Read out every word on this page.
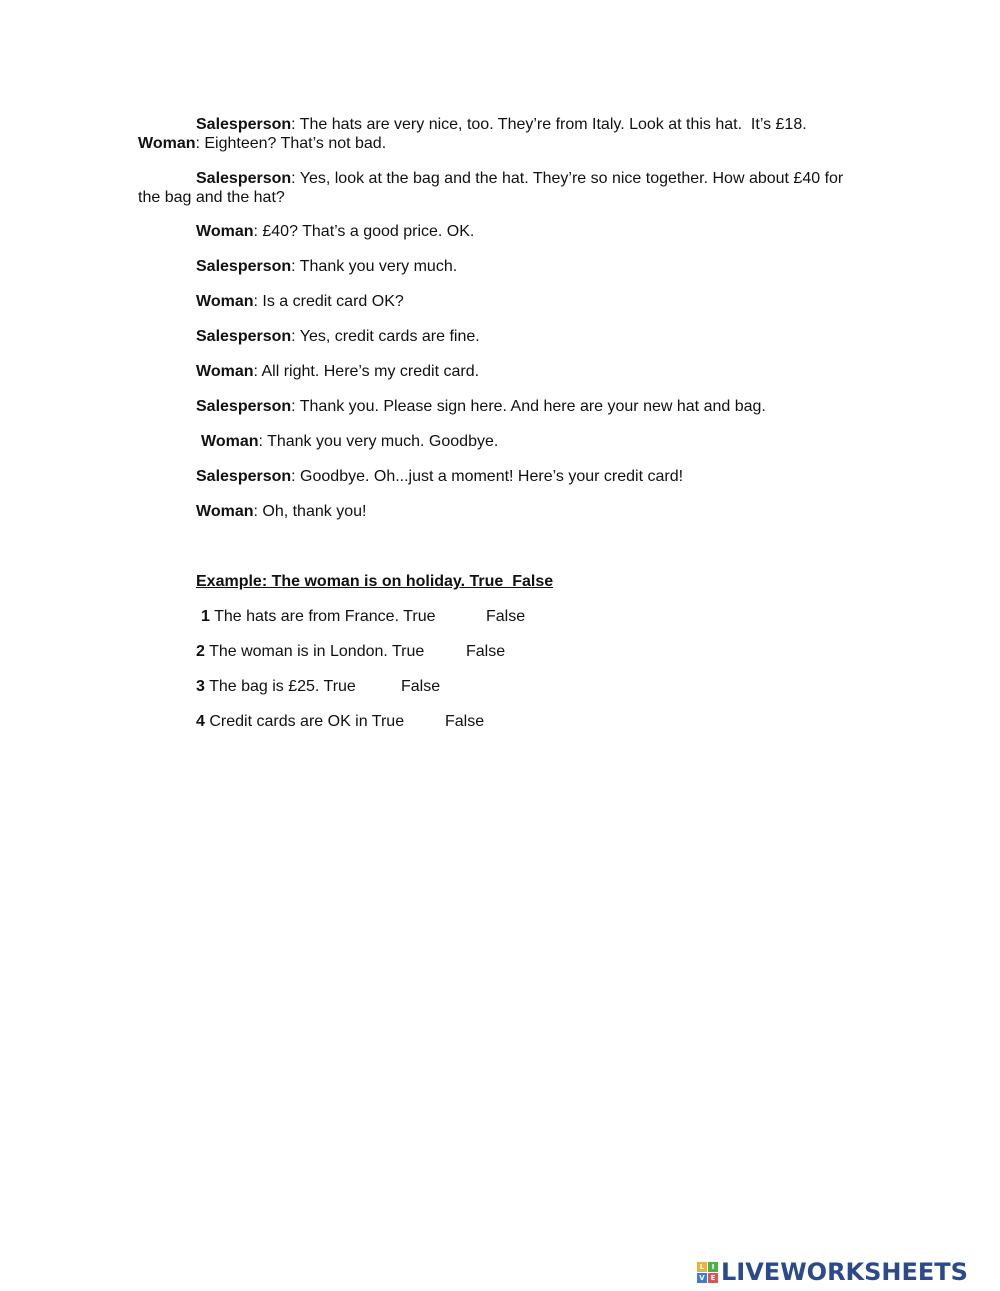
Salesperson: The hats are very nice, too. They’re from Italy. Look at this hat.  It’s £18.
Woman: Eighteen? That’s not bad.
Salesperson: Yes, look at the bag and the hat. They’re so nice together. How about £40 for
the bag and the hat?
Woman: £40? That’s a good price. OK.
Salesperson: Thank you very much.
Woman: Is a credit card OK?
Salesperson: Yes, credit cards are fine.
Woman: All right. Here’s my credit card.
Salesperson: Thank you. Please sign here. And here are your new hat and bag.
Woman: Thank you very much. Goodbye.
Salesperson: Goodbye. Oh...just a moment! Here’s your credit card!
Woman: Oh, thank you!
Example: The woman is on holiday. True  False
1 The hats are from France. True	False
2 The woman is in London. True	False
3 The bag is £25. True	False
4 Credit cards are OK in True	False
L	I
V E LIVEWORKSHEETS
